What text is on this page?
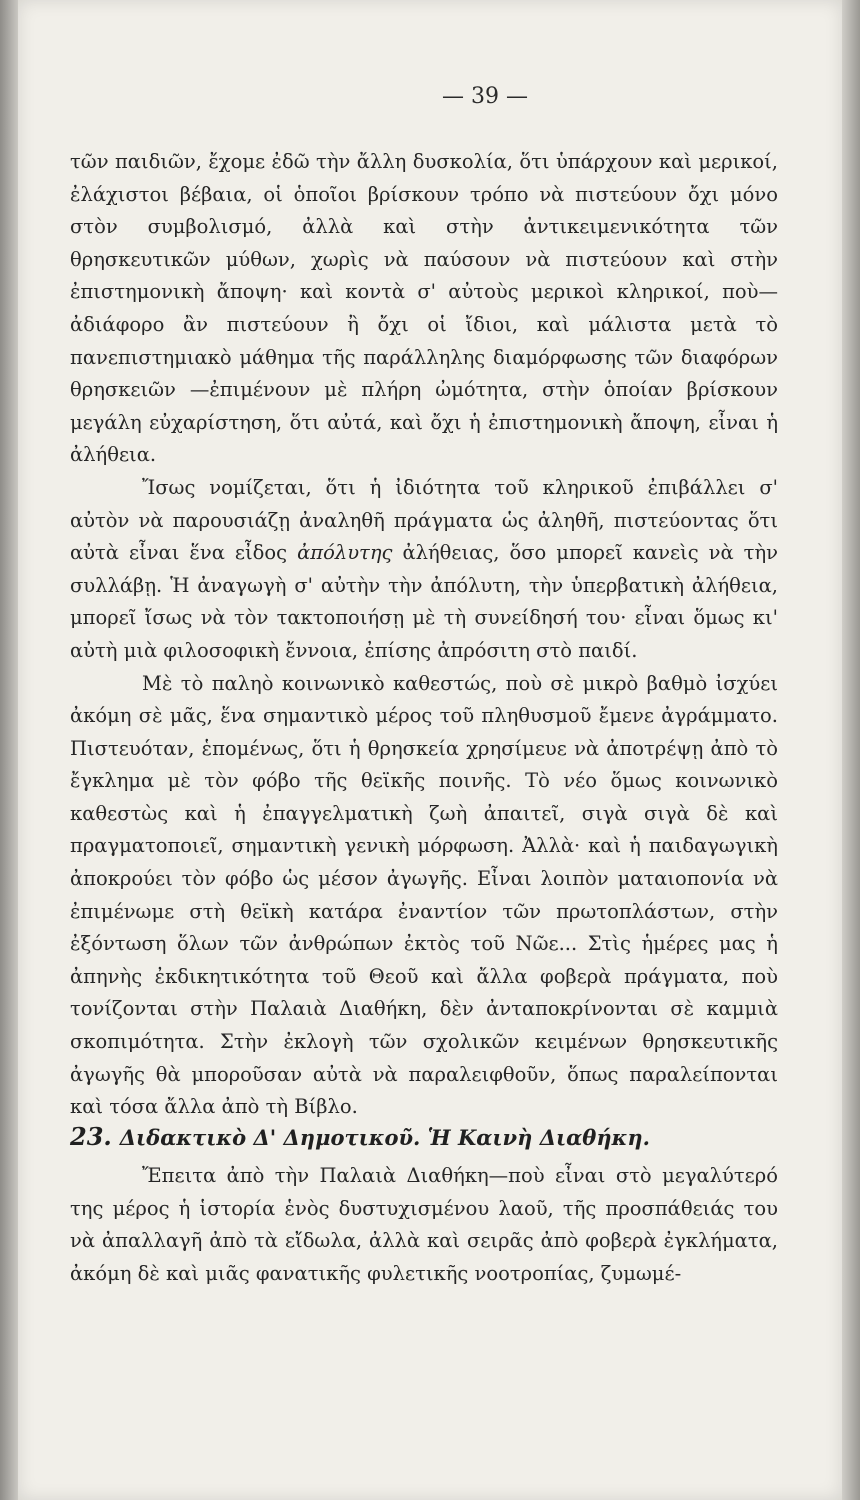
— 39 —

τῶν παιδιῶν, ἔχομε ἐδῶ τὴν ἄλλη δυσκολία, ὅτι ὑπάρχουν καὶ μερικοί, ἐλάχιστοι βέβαια, οἱ ὁποῖοι βρίσκουν τρόπο νὰ πιστεύουν ὄχι μόνο στὸν συμβολισμό, ἀλλὰ καὶ στὴν ἀντικειμενικότητα τῶν θρησκευτικῶν μύθων, χωρὶς νὰ παύσουν νὰ πιστεύουν καὶ στὴν ἐπιστημονικὴ ἄποψη· καὶ κοντὰ σ' αὐτοὺς μερικοὶ κληρικοί, ποὺ—ἀδιάφορο ἂν πιστεύουν ἢ ὄχι οἱ ἴδιοι, καὶ μάλιστα μετὰ τὸ πανεπιστημιακὸ μάθημα τῆς παράλληλης διαμόρφωσης τῶν διαφόρων θρησκειῶν —ἐπιμένουν μὲ πλήρη ὠμότητα, στὴν ὁποίαν βρίσκουν μεγάλη εὐχαρίστηση, ὅτι αὐτά, καὶ ὄχι ἡ ἐπιστημονικὴ ἄποψη, εἶναι ἡ ἀλήθεια.

Ἴσως νομίζεται, ὅτι ἡ ἰδιότητα τοῦ κληρικοῦ ἐπιβάλλει σ' αὐτὸν νὰ παρουσιάζῃ ἀναληθῆ πράγματα ὡς ἀληθῆ, πιστεύοντας ὅτι αὐτὰ εἶναι ἕνα εἶδος ἀπόλυτης ἀλήθειας, ὅσο μπορεῖ κανεὶς νὰ τὴν συλλάβῃ. Ἡ ἀναγωγὴ σ' αὐτὴν τὴν ἀπόλυτη, τὴν ὑπερβατικὴ ἀλήθεια, μπορεῖ ἴσως νὰ τὸν τακτοποιήσῃ μὲ τὴ συνείδησή του· εἶναι ὅμως κι' αὐτὴ μιὰ φιλοσοφικὴ ἔννοια, ἐπίσης ἀπρόσιτη στὸ παιδί.

Μὲ τὸ παληὸ κοινωνικὸ καθεστώς, ποὺ σὲ μικρὸ βαθμὸ ἰσχύει ἀκόμη σὲ μᾶς, ἕνα σημαντικὸ μέρος τοῦ πληθυσμοῦ ἔμενε ἀγράμματο. Πιστευόταν, ἑπομένως, ὅτι ἡ θρησκεία χρησίμευε νὰ ἀποτρέψῃ ἀπὸ τὸ ἔγκλημα μὲ τὸν φόβο τῆς θεϊκῆς ποινῆς. Τὸ νέο ὅμως κοινωνικὸ καθεστὼς καὶ ἡ ἐπαγγελματικὴ ζωὴ ἀπαιτεῖ, σιγὰ σιγὰ δὲ καὶ πραγματοποιεῖ, σημαντικὴ γενικὴ μόρφωση. Ἀλλὰ· καὶ ἡ παιδαγωγικὴ ἀποκρούει τὸν φόβο ὡς μέσον ἀγωγῆς. Εἶναι λοιπὸν ματαιοπονία νὰ ἐπιμένωμε στὴ θεϊκὴ κατάρα ἐναντίον τῶν πρωτοπλάστων, στὴν ἐξόντωση ὅλων τῶν ἀνθρώπων ἐκτὸς τοῦ Νῶε... Στὶς ἡμέρες μας ἡ ἀπηνὴς ἐκδικητικότητα τοῦ Θεοῦ καὶ ἄλλα φοβερὰ πράγματα, ποὺ τονίζονται στὴν Παλαιὰ Διαθήκη, δὲν ἀνταποκρίνονται σὲ καμμιὰ σκοπιμότητα. Στὴν ἐκλογὴ τῶν σχολικῶν κειμένων θρησκευτικῆς ἀγωγῆς θὰ μποροῦσαν αὐτὰ νὰ παραλειφθοῦν, ὅπως παραλείπονται καὶ τόσα ἄλλα ἀπὸ τὴ Βίβλο.

23. Διδακτικὸ Δ' Δημοτικοῦ. Ἡ Καινὴ Διαθήκη.

Ἔπειτα ἀπὸ τὴν Παλαιὰ Διαθήκη—ποὺ εἶναι στὸ μεγαλύτερό της μέρος ἡ ἱστορία ἑνὸς δυστυχισμένου λαοῦ, τῆς προσπάθειάς του νὰ ἀπαλλαγῆ ἀπὸ τὰ εἴδωλα, ἀλλὰ καὶ σειρᾶς ἀπὸ φοβερὰ ἐγκλήματα, ἀκόμη δὲ καὶ μιᾶς φανατικῆς φυλετικῆς νοοτροπίας, ζυμωμέ-
